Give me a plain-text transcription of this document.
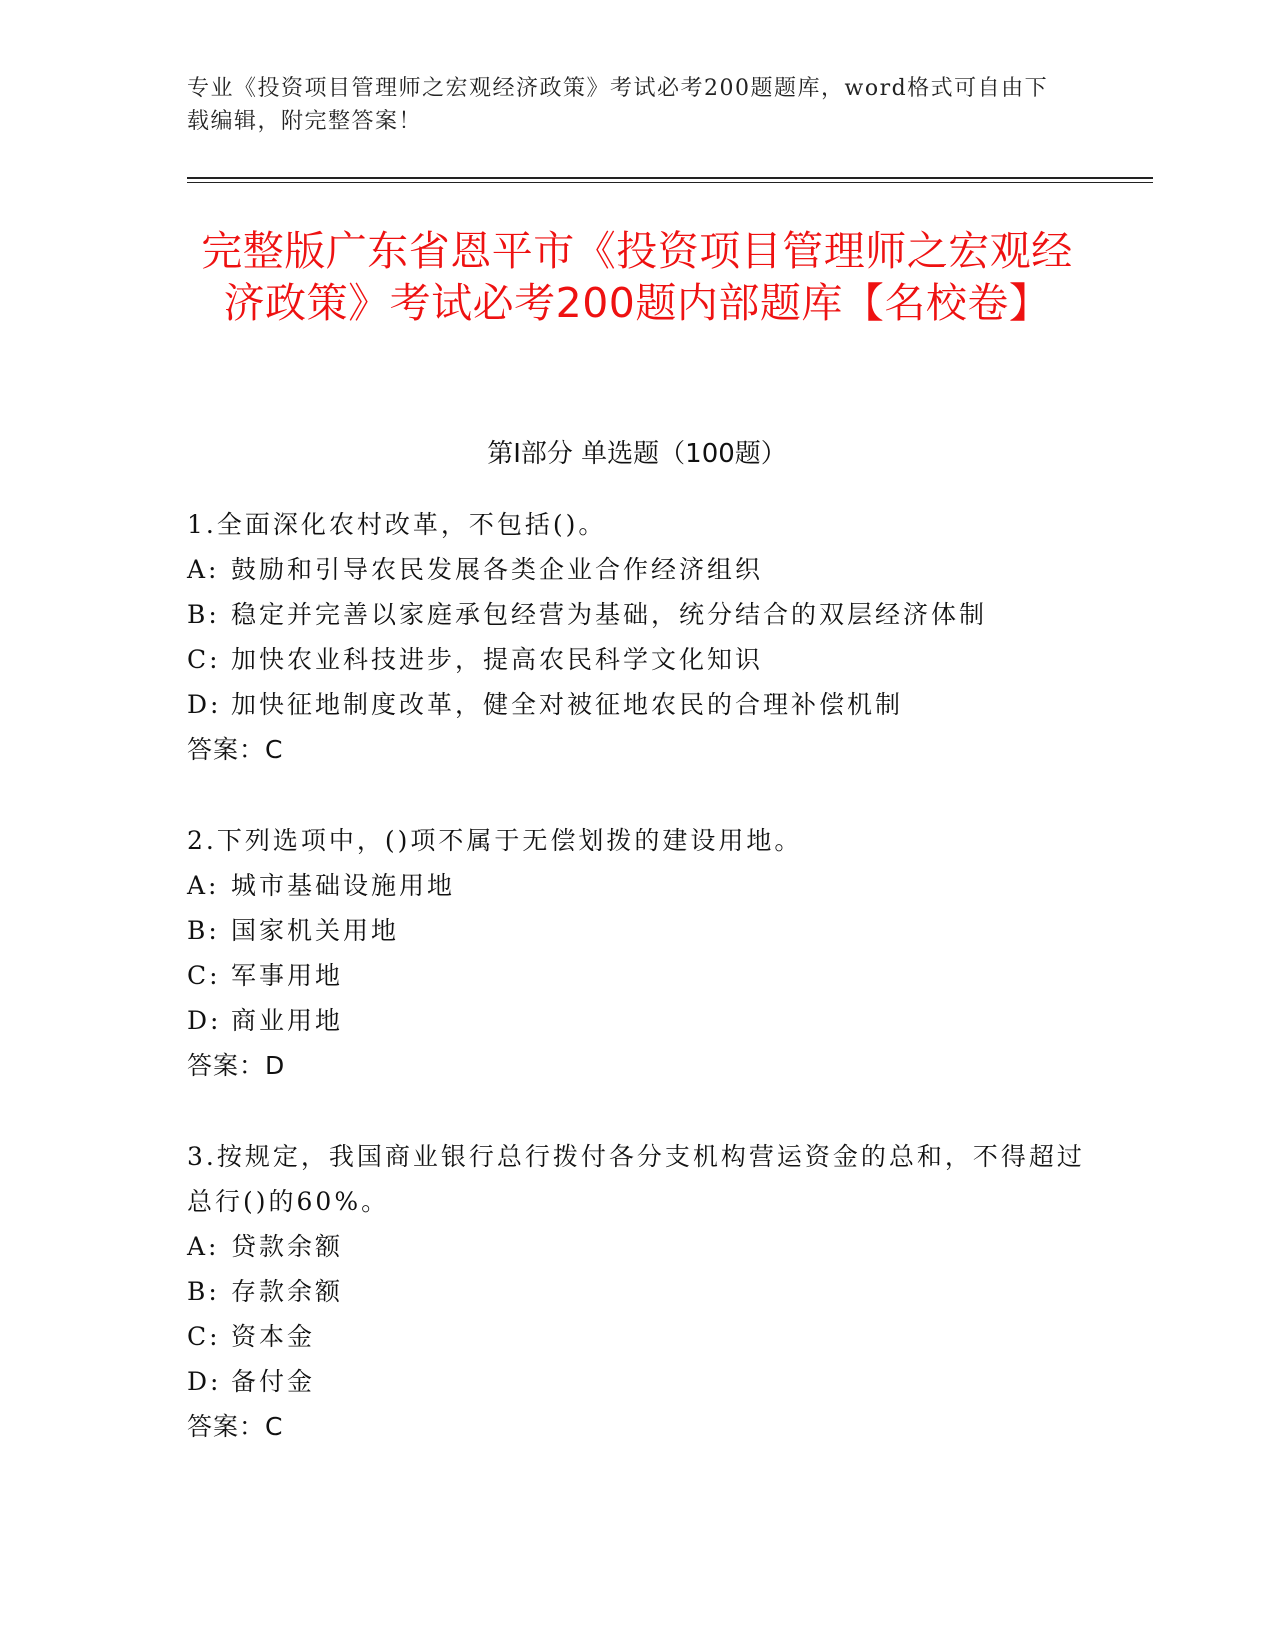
专业《投资项目管理师之宏观经济政策》考试必考200题题库，word格式可自由下载编辑，附完整答案！
完整版广东省恩平市《投资项目管理师之宏观经济政策》考试必考200题内部题库【名校卷】
第Ⅰ部分 单选题（100题）
1.全面深化农村改革，不包括()。
A: 鼓励和引导农民发展各类企业合作经济组织
B: 稳定并完善以家庭承包经营为基础，统分结合的双层经济体制
C: 加快农业科技进步，提高农民科学文化知识
D: 加快征地制度改革，健全对被征地农民的合理补偿机制
答案：C
2.下列选项中，()项不属于无偿划拨的建设用地。
A: 城市基础设施用地
B: 国家机关用地
C: 军事用地
D: 商业用地
答案：D
3.按规定，我国商业银行总行拨付各分支机构营运资金的总和，不得超过总行()的60%。
A: 贷款余额
B: 存款余额
C: 资本金
D: 备付金
答案：C
